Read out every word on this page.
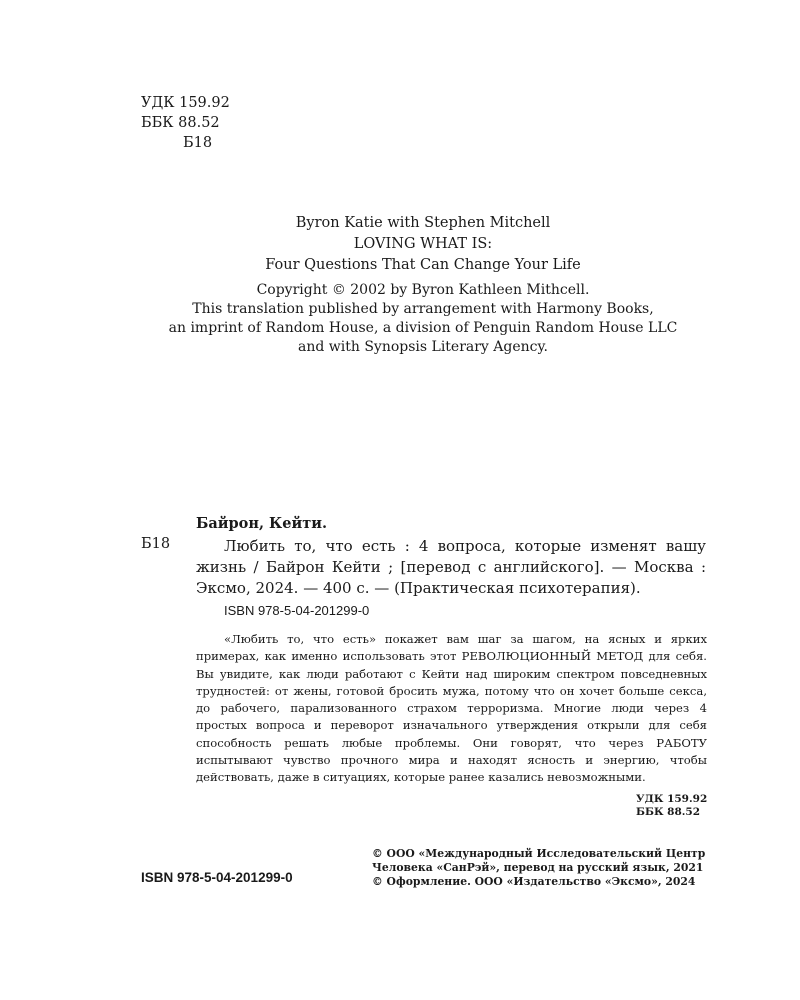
УДК 159.92
ББК 88.52
Б18
Byron Katie with Stephen Mitchell
LOVING WHAT IS:
Four Questions That Can Change Your Life
Copyright © 2002 by Byron Kathleen Mithcell.
This translation published by arrangement with Harmony Books,
an imprint of Random House, a division of Penguin Random House LLC
and with Synopsis Literary Agency.
Байрон, Кейти.
Б18	Любить то, что есть : 4 вопроса, которые изменят вашу жизнь / Байрон Кейти ; [перевод с английского]. — Москва : Эксмо, 2024. — 400 с. — (Практическая психотерапия).

ISBN 978-5-04-201299-0

«Любить то, что есть» покажет вам шаг за шагом, на ясных и ярких примерах, как именно использовать этот РЕВОЛЮЦИОННЫЙ МЕТОД для себя. Вы увидите, как люди работают с Кейти над широким спектром повседневных трудностей: от жены, готовой бросить мужа, потому что он хочет больше секса, до рабочего, парализованного страхом терроризма. Многие люди через 4 простых вопроса и переворот изначального утверждения открыли для себя способность решать любые проблемы. Они говорят, что через РАБОТУ испытывают чувство прочного мира и находят ясность и энергию, чтобы действовать, даже в ситуациях, которые ранее казались невозможными.

УДК 159.92
ББК 88.52
ISBN 978-5-04-201299-0
© ООО «Международный Исследовательский Центр
Человека «СанРэй», перевод на русский язык, 2021
© Оформление. ООО «Издательство «Эксмо», 2024
